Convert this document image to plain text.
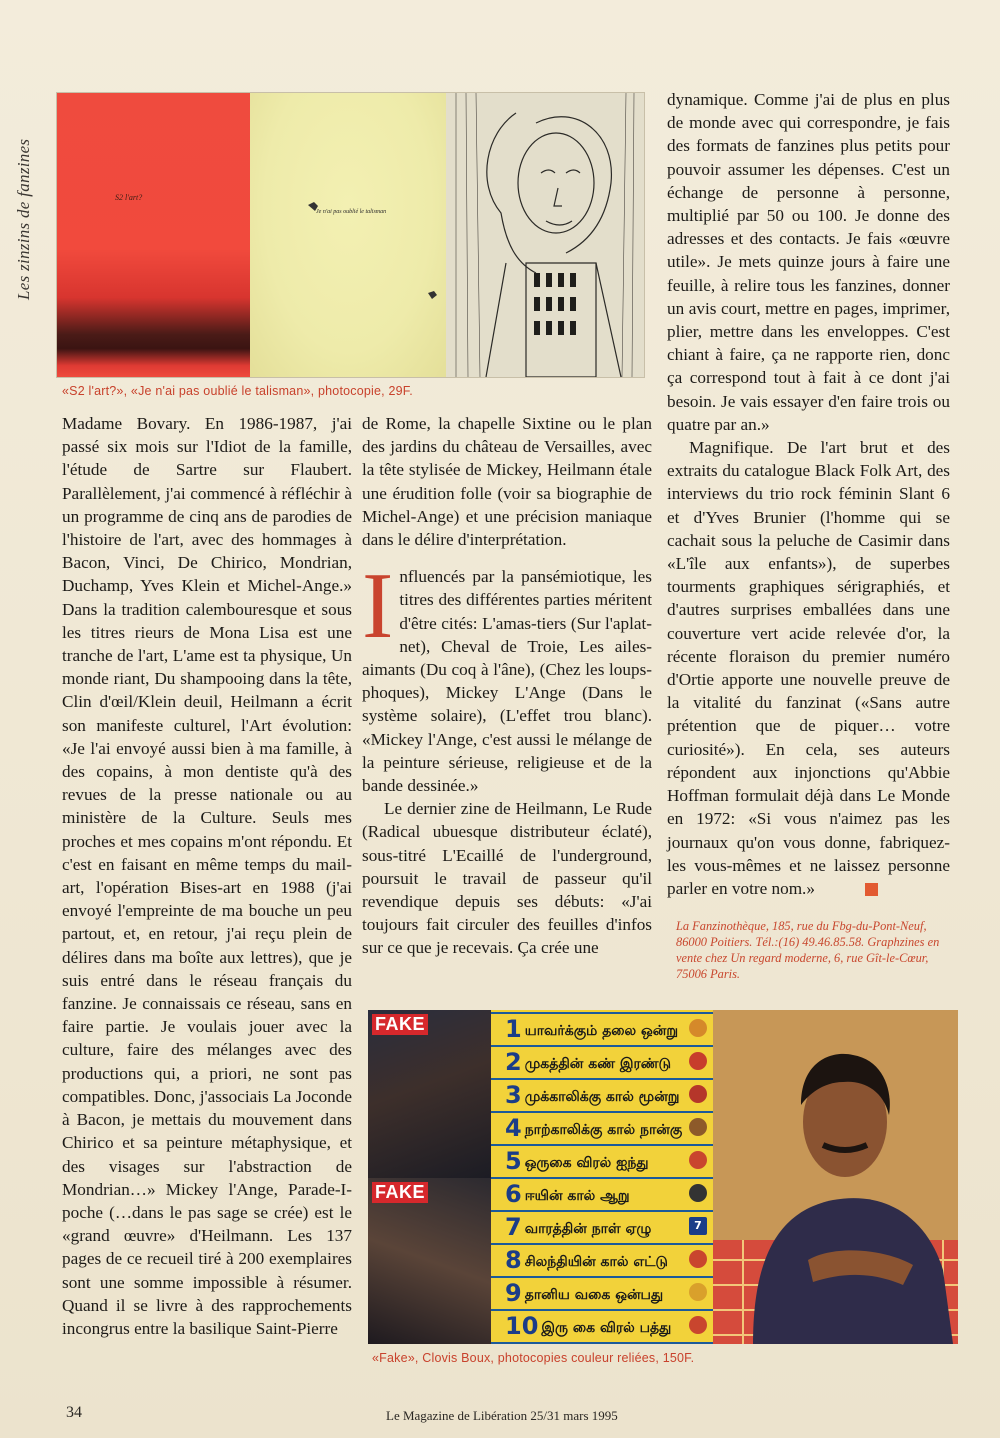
Les zinzins de fanzines	S2 l'art?
Je n'ai pas oublié le talisman
«S2 l'art?», «Je n'ai pas oublié le talisman», photocopie, 29F.

Madame Bovary. En 1986-1987, j'ai passé six mois sur l'Idiot de la famille, l'étude de Sartre sur Flaubert. Parallèlement, j'ai commencé à réfléchir à un programme de cinq ans de parodies de l'histoire de l'art, avec des hommages à Bacon, Vinci, De Chirico, Mondrian, Duchamp, Yves Klein et Michel-Ange.» Dans la tradition calembouresque et sous les titres rieurs de Mona Lisa est une tranche de l'art, L'ame est ta physique, Un monde riant, Du shampooing dans la tête, Clin d'œil/Klein deuil, Heilmann a écrit son manifeste culturel, l'Art évolution: «Je l'ai envoyé aussi bien à ma famille, à des copains, à mon dentiste qu'à des revues de la presse nationale ou au ministère de la Culture. Seuls mes proches et mes copains m'ont répondu. Et c'est en faisant en même temps du mail-art, l'opération Bises-art en 1988 (j'ai envoyé l'empreinte de ma bouche un peu partout, et, en retour, j'ai reçu plein de délires dans ma boîte aux lettres), que je suis entré dans le réseau français du fanzine. Je connaissais ce réseau, sans en faire partie. Je voulais jouer avec la culture, faire des mélanges avec des productions qui, a priori, ne sont pas compatibles. Donc, j'associais La Joconde à Bacon, je mettais du mouvement dans Chirico et sa peinture métaphysique, et des visages sur l'abstraction de Mondrian…» Mickey l'Ange, Parade-I-poche (…dans le pas sage se crée) est le «grand œuvre» d'Heilmann. Les 137 pages de ce recueil tiré à 200 exemplaires sont une somme impossible à résumer. Quand il se livre à des rapprochements incongrus entre la basilique Saint-Pierre

de Rome, la chapelle Sixtine ou le plan des jardins du château de Versailles, avec la tête stylisée de Mickey, Heilmann étale une érudition folle (voir sa biographie de Michel-Ange) et une précision maniaque dans le délire d'interprétation.

Influencés par la pansémiotique, les titres des différentes parties méritent d'être cités: L'amas-tiers (Sur l'aplat-net), Cheval de Troie, Les ailes-aimants (Du coq à l'âne), (Chez les loups-phoques), Mickey L'Ange (Dans le système solaire), (L'effet trou blanc). «Mickey l'Ange, c'est aussi le mélange de la peinture sérieuse, religieuse et de la bande dessinée.»

Le dernier zine de Heilmann, Le Rude (Radical ubuesque distributeur éclaté), sous-titré L'Ecaillé de l'underground, poursuit le travail de passeur qu'il revendique depuis ses débuts: «J'ai toujours fait circuler des feuilles d'infos sur ce que je recevais. Ça crée une

dynamique. Comme j'ai de plus en plus de monde avec qui correspondre, je fais des formats de fanzines plus petits pour pouvoir assumer les dépenses. C'est un échange de personne à personne, multiplié par 50 ou 100. Je donne des adresses et des contacts. Je fais «œuvre utile». Je mets quinze jours à faire une feuille, à relire tous les fanzines, donner un avis court, mettre en pages, imprimer, plier, mettre dans les enveloppes. C'est chiant à faire, ça ne rapporte rien, donc ça correspond tout à fait à ce dont j'ai besoin. Je vais essayer d'en faire trois ou quatre par an.»

Magnifique. De l'art brut et des extraits du catalogue Black Folk Art, des interviews du trio rock féminin Slant 6 et d'Yves Brunier (l'homme qui se cachait sous la peluche de Casimir dans «L'île aux enfants»), de superbes tourments graphiques sérigraphiés, et d'autres surprises emballées dans une couverture vert acide relevée d'or, la récente floraison du premier numéro d'Ortie apporte une nouvelle preuve de la vitalité du fanzinat («Sans autre prétention que de piquer… votre curiosité»). En cela, ses auteurs répondent aux injonctions qu'Abbie Hoffman formulait déjà dans Le Monde en 1972: «Si vous n'aimez pas les journaux qu'on vous donne, fabriquez-les vous-mêmes et ne laissez personne parler en votre nom.»

La Fanzinothèque, 185, rue du Fbg-du-Pont-Neuf, 86000 Poitiers. Tél.:(16) 49.46.85.58. Graphzines en vente chez Un regard moderne, 6, rue Gît-le-Cœur, 75006 Paris.
FAKE
FAKE
1 யாவர்க்கும் தலை ஒன்று
2 முகத்தின் கண் இரண்டு
3 முக்காலிக்கு கால் மூன்று
4 நாற்காலிக்கு கால் நான்கு
5 ஒருகை விரல் ஐந்து
6 ஈயின் கால் ஆறு
7 வாரத்தின் நாள் ஏழு	7
8 சிலந்தியின் கால் எட்டு
9 தானிய வகை ஒன்பது
10 இரு கை விரல் பத்து
«Fake», Clovis Boux, photocopies couleur reliées, 150F.
34	Le Magazine de Libération 25/31 mars 1995
